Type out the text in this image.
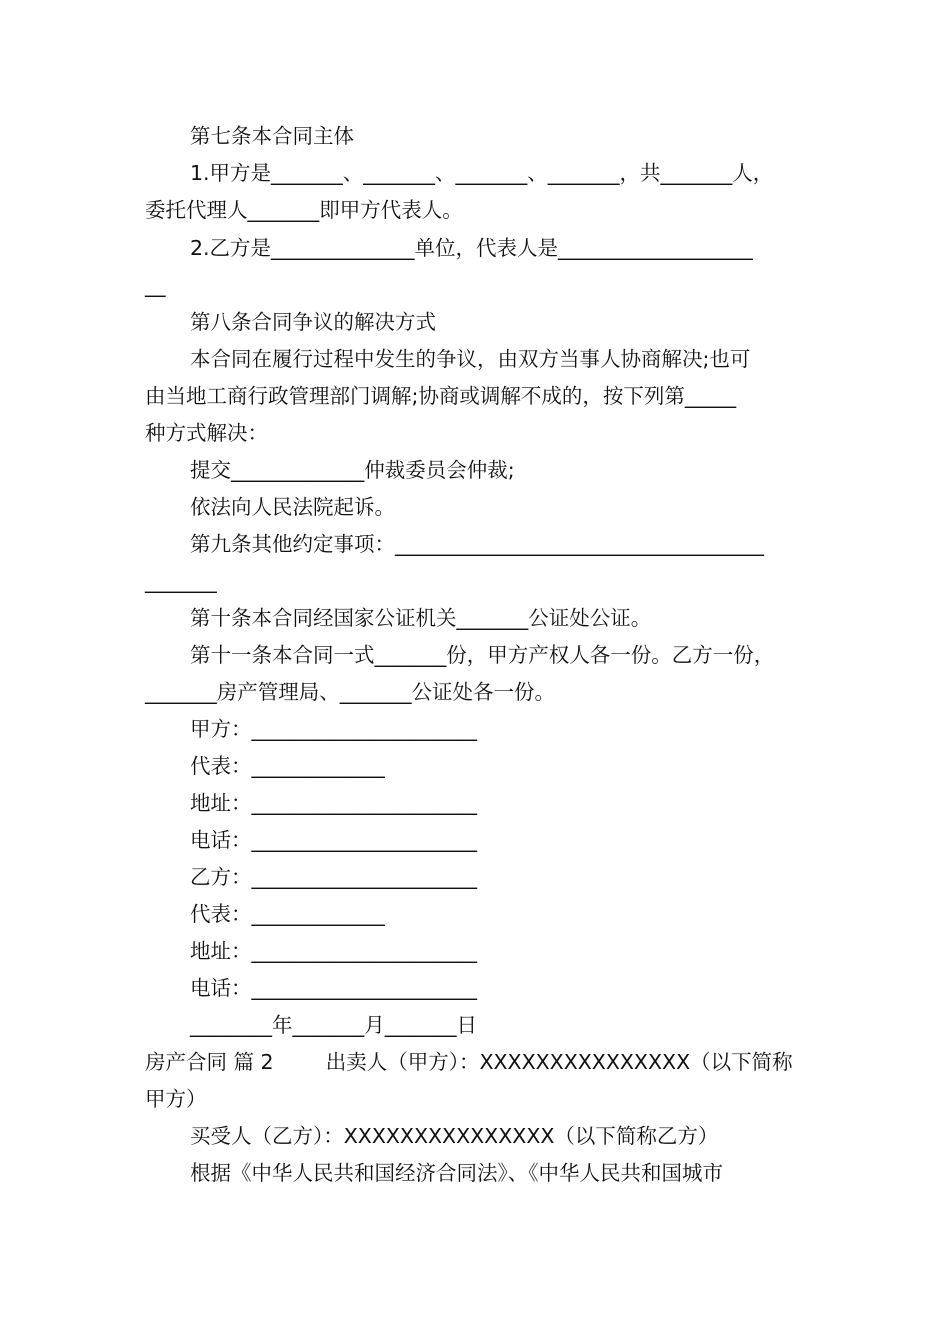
第七条本合同主体
1.甲方是_______、_______、_______、_______，共_______人，
委托代理人_______即甲方代表人。
2.乙方是______________单位，代表人是___________________
__
第八条合同争议的解决方式
本合同在履行过程中发生的争议，由双方当事人协商解决;也可
由当地工商行政管理部门调解;协商或调解不成的，按下列第_____
种方式解决：
提交_____________仲裁委员会仲裁;
依法向人民法院起诉。
第九条其他约定事项：____________________________________
_______
第十条本合同经国家公证机关_______公证处公证。
第十一条本合同一式_______份，甲方产权人各一份。乙方一份，
_______房产管理局、_______公证处各一份。
甲方：______________________
代表：_____________
地址：______________________
电话：______________________
乙方：______________________
代表：_____________
地址：______________________
电话：______________________
________年_______月_______日
房产合同 篇 2        出卖人（甲方）：XXXXXXXXXXXXXXX（以下简称
甲方）
买受人（乙方）：XXXXXXXXXXXXXXX（以下简称乙方）
根据《中华人民共和国经济合同法》、《中华人民共和国城市
